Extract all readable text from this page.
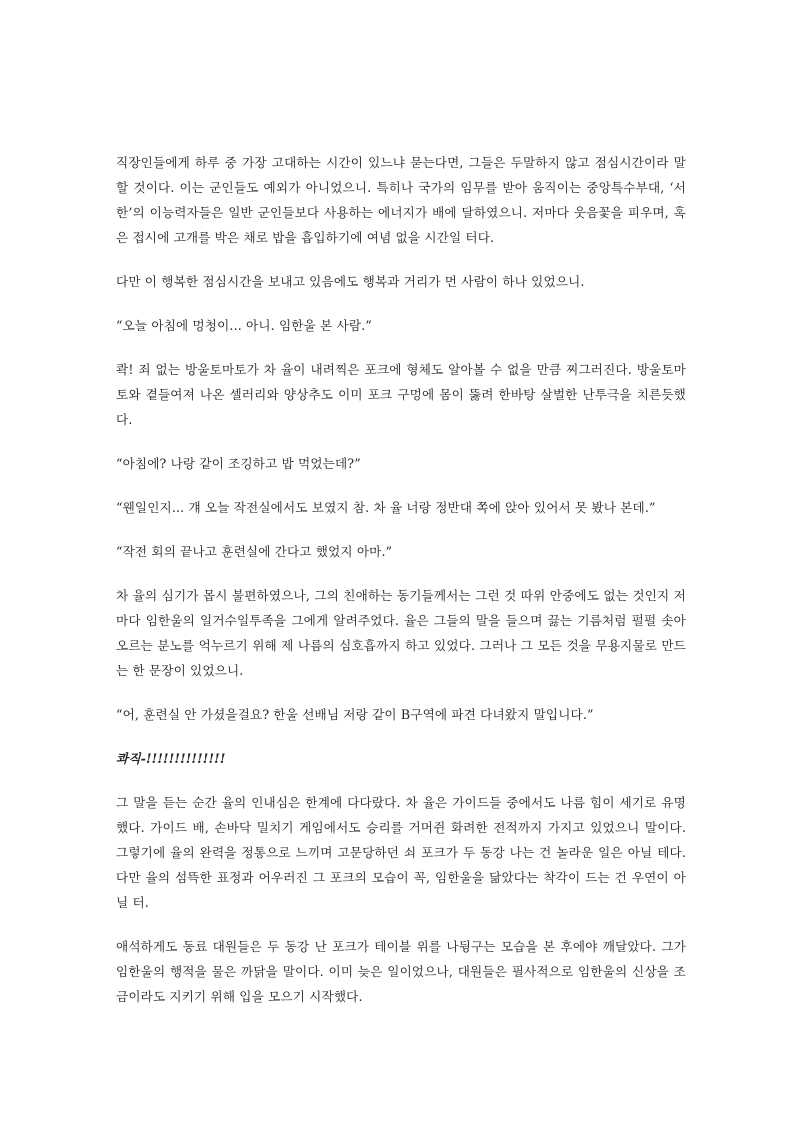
직장인들에게 하루 중 가장 고대하는 시간이 있느냐 묻는다면, 그들은 두말하지 않고 점심시간이라 말할 것이다. 이는 군인들도 예외가 아니었으니. 특히나 국가의 임무를 받아 움직이는 중앙특수부대, ‘서한’의 이능력자들은 일반 군인들보다 사용하는 에너지가 배에 달하였으니. 저마다 웃음꽃을 피우며, 혹은 접시에 고개를 박은 채로 밥을 흡입하기에 여념 없을 시간일 터다.

다만 이 행복한 점심시간을 보내고 있음에도 행복과 거리가 먼 사람이 하나 있었으니.

“오늘 아침에 멍청이... 아니. 임한울 본 사람.”

콱! 죄 없는 방울토마토가 차 율이 내려찍은 포크에 형체도 알아볼 수 없을 만큼 찌그러진다. 방울토마토와 곁들여져 나온 셀러리와 양상추도 이미 포크 구멍에 몸이 뚫려 한바탕 살벌한 난투극을 치른듯했다.

“아침에? 나랑 같이 조깅하고 밥 먹었는데?”

“웬일인지... 걔 오늘 작전실에서도 보였지 참. 차 율 너랑 정반대 쪽에 앉아 있어서 못 봤나 본데.”

“작전 회의 끝나고 훈련실에 간다고 했었지 아마.”

차 율의 심기가 몹시 불편하였으나, 그의 친애하는 동기들께서는 그런 것 따위 안중에도 없는 것인지 저마다 임한울의 일거수일투족을 그에게 알려주었다. 율은 그들의 말을 들으며 끓는 기름처럼 펄펄 솟아오르는 분노를 억누르기 위해 제 나름의 심호흡까지 하고 있었다. 그러나 그 모든 것을 무용지물로 만드는 한 문장이 있었으니.

“어, 훈련실 안 가셨을걸요? 한울 선배님 저랑 같이 B구역에 파견 다녀왔지 말입니다.”

콰직-!!!!!!!!!!!!!!

그 말을 듣는 순간 율의 인내심은 한계에 다다랐다. 차 율은 가이드들 중에서도 나름 힘이 세기로 유명했다. 가이드 배, 손바닥 밀치기 게임에서도 승리를 거머쥔 화려한 전적까지 가지고 있었으니 말이다. 그렇기에 율의 완력을 정통으로 느끼며 고문당하던 쇠 포크가 두 동강 나는 건 놀라운 일은 아닐 테다. 다만 율의 섬뜩한 표정과 어우러진 그 포크의 모습이 꼭, 임한울을 닮았다는 착각이 드는 건 우연이 아닐 터.

애석하게도 동료 대원들은 두 동강 난 포크가 테이블 위를 나뒹구는 모습을 본 후에야 깨달았다. 그가 임한울의 행적을 물은 까닭을 말이다. 이미 늦은 일이었으나, 대원들은 필사적으로 임한울의 신상을 조금이라도 지키기 위해 입을 모으기 시작했다.
